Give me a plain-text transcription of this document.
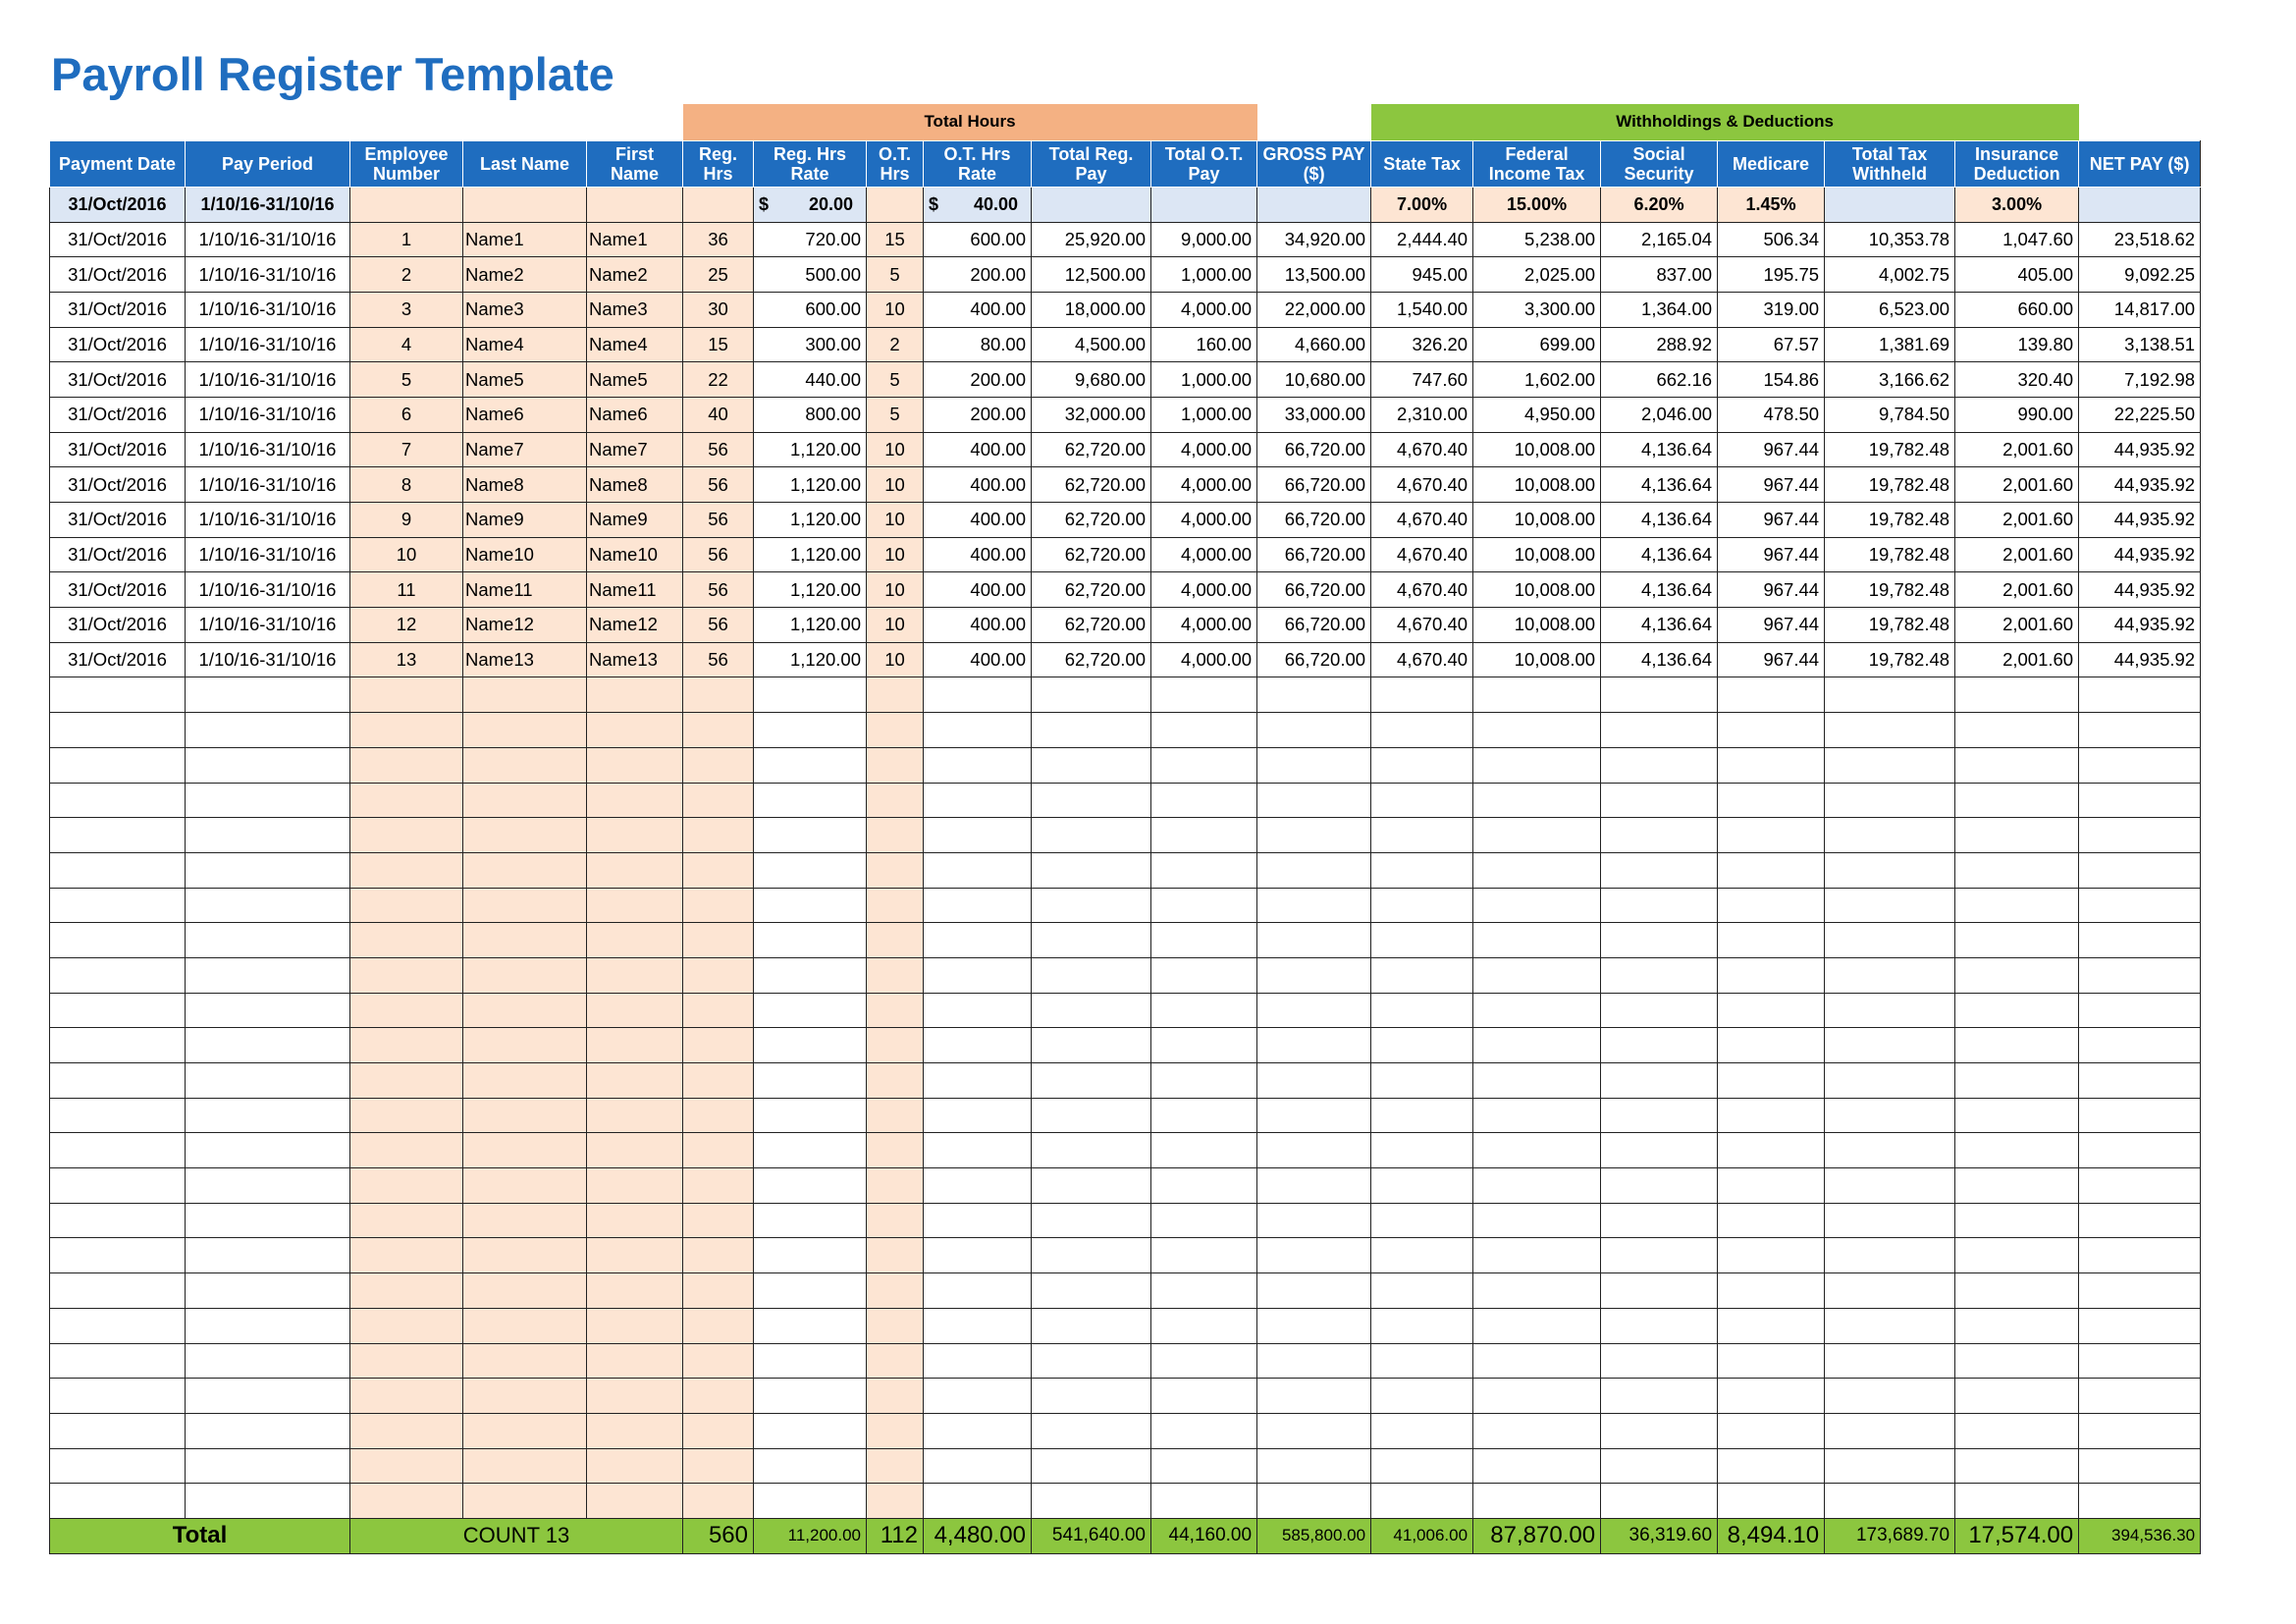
Payroll Register Template
					Total Hours							Withholdings & Deductions						
Payment Date	Pay Period	Employee Number	Last Name	First Name	Reg. Hrs	Reg. Hrs Rate	O.T. Hrs	O.T. Hrs Rate	Total Reg. Pay	Total O.T. Pay	GROSS PAY ($)	State Tax	Federal Income Tax	Social Security	Medicare	Total Tax Withheld	Insurance Deduction	NET PAY ($)
31/Oct/2016	1/10/16-31/10/16					$ 20.00		$ 40.00				7.00%	15.00%	6.20%	1.45%		3.00%	
31/Oct/2016	1/10/16-31/10/16	1	Name1	Name1	36	720.00	15	600.00	25,920.00	9,000.00	34,920.00	2,444.40	5,238.00	2,165.04	506.34	10,353.78	1,047.60	23,518.62
31/Oct/2016	1/10/16-31/10/16	2	Name2	Name2	25	500.00	5	200.00	12,500.00	1,000.00	13,500.00	945.00	2,025.00	837.00	195.75	4,002.75	405.00	9,092.25
31/Oct/2016	1/10/16-31/10/16	3	Name3	Name3	30	600.00	10	400.00	18,000.00	4,000.00	22,000.00	1,540.00	3,300.00	1,364.00	319.00	6,523.00	660.00	14,817.00
31/Oct/2016	1/10/16-31/10/16	4	Name4	Name4	15	300.00	2	80.00	4,500.00	160.00	4,660.00	326.20	699.00	288.92	67.57	1,381.69	139.80	3,138.51
31/Oct/2016	1/10/16-31/10/16	5	Name5	Name5	22	440.00	5	200.00	9,680.00	1,000.00	10,680.00	747.60	1,602.00	662.16	154.86	3,166.62	320.40	7,192.98
31/Oct/2016	1/10/16-31/10/16	6	Name6	Name6	40	800.00	5	200.00	32,000.00	1,000.00	33,000.00	2,310.00	4,950.00	2,046.00	478.50	9,784.50	990.00	22,225.50
31/Oct/2016	1/10/16-31/10/16	7	Name7	Name7	56	1,120.00	10	400.00	62,720.00	4,000.00	66,720.00	4,670.40	10,008.00	4,136.64	967.44	19,782.48	2,001.60	44,935.92
31/Oct/2016	1/10/16-31/10/16	8	Name8	Name8	56	1,120.00	10	400.00	62,720.00	4,000.00	66,720.00	4,670.40	10,008.00	4,136.64	967.44	19,782.48	2,001.60	44,935.92
31/Oct/2016	1/10/16-31/10/16	9	Name9	Name9	56	1,120.00	10	400.00	62,720.00	4,000.00	66,720.00	4,670.40	10,008.00	4,136.64	967.44	19,782.48	2,001.60	44,935.92
31/Oct/2016	1/10/16-31/10/16	10	Name10	Name10	56	1,120.00	10	400.00	62,720.00	4,000.00	66,720.00	4,670.40	10,008.00	4,136.64	967.44	19,782.48	2,001.60	44,935.92
31/Oct/2016	1/10/16-31/10/16	11	Name11	Name11	56	1,120.00	10	400.00	62,720.00	4,000.00	66,720.00	4,670.40	10,008.00	4,136.64	967.44	19,782.48	2,001.60	44,935.92
31/Oct/2016	1/10/16-31/10/16	12	Name12	Name12	56	1,120.00	10	400.00	62,720.00	4,000.00	66,720.00	4,670.40	10,008.00	4,136.64	967.44	19,782.48	2,001.60	44,935.92
31/Oct/2016	1/10/16-31/10/16	13	Name13	Name13	56	1,120.00	10	400.00	62,720.00	4,000.00	66,720.00	4,670.40	10,008.00	4,136.64	967.44	19,782.48	2,001.60	44,935.92

Total		COUNT 13			560	11,200.00	112	4,480.00	541,640.00	44,160.00	585,800.00	41,006.00	87,870.00	36,319.60	8,494.10	173,689.70	17,574.00	394,536.30
